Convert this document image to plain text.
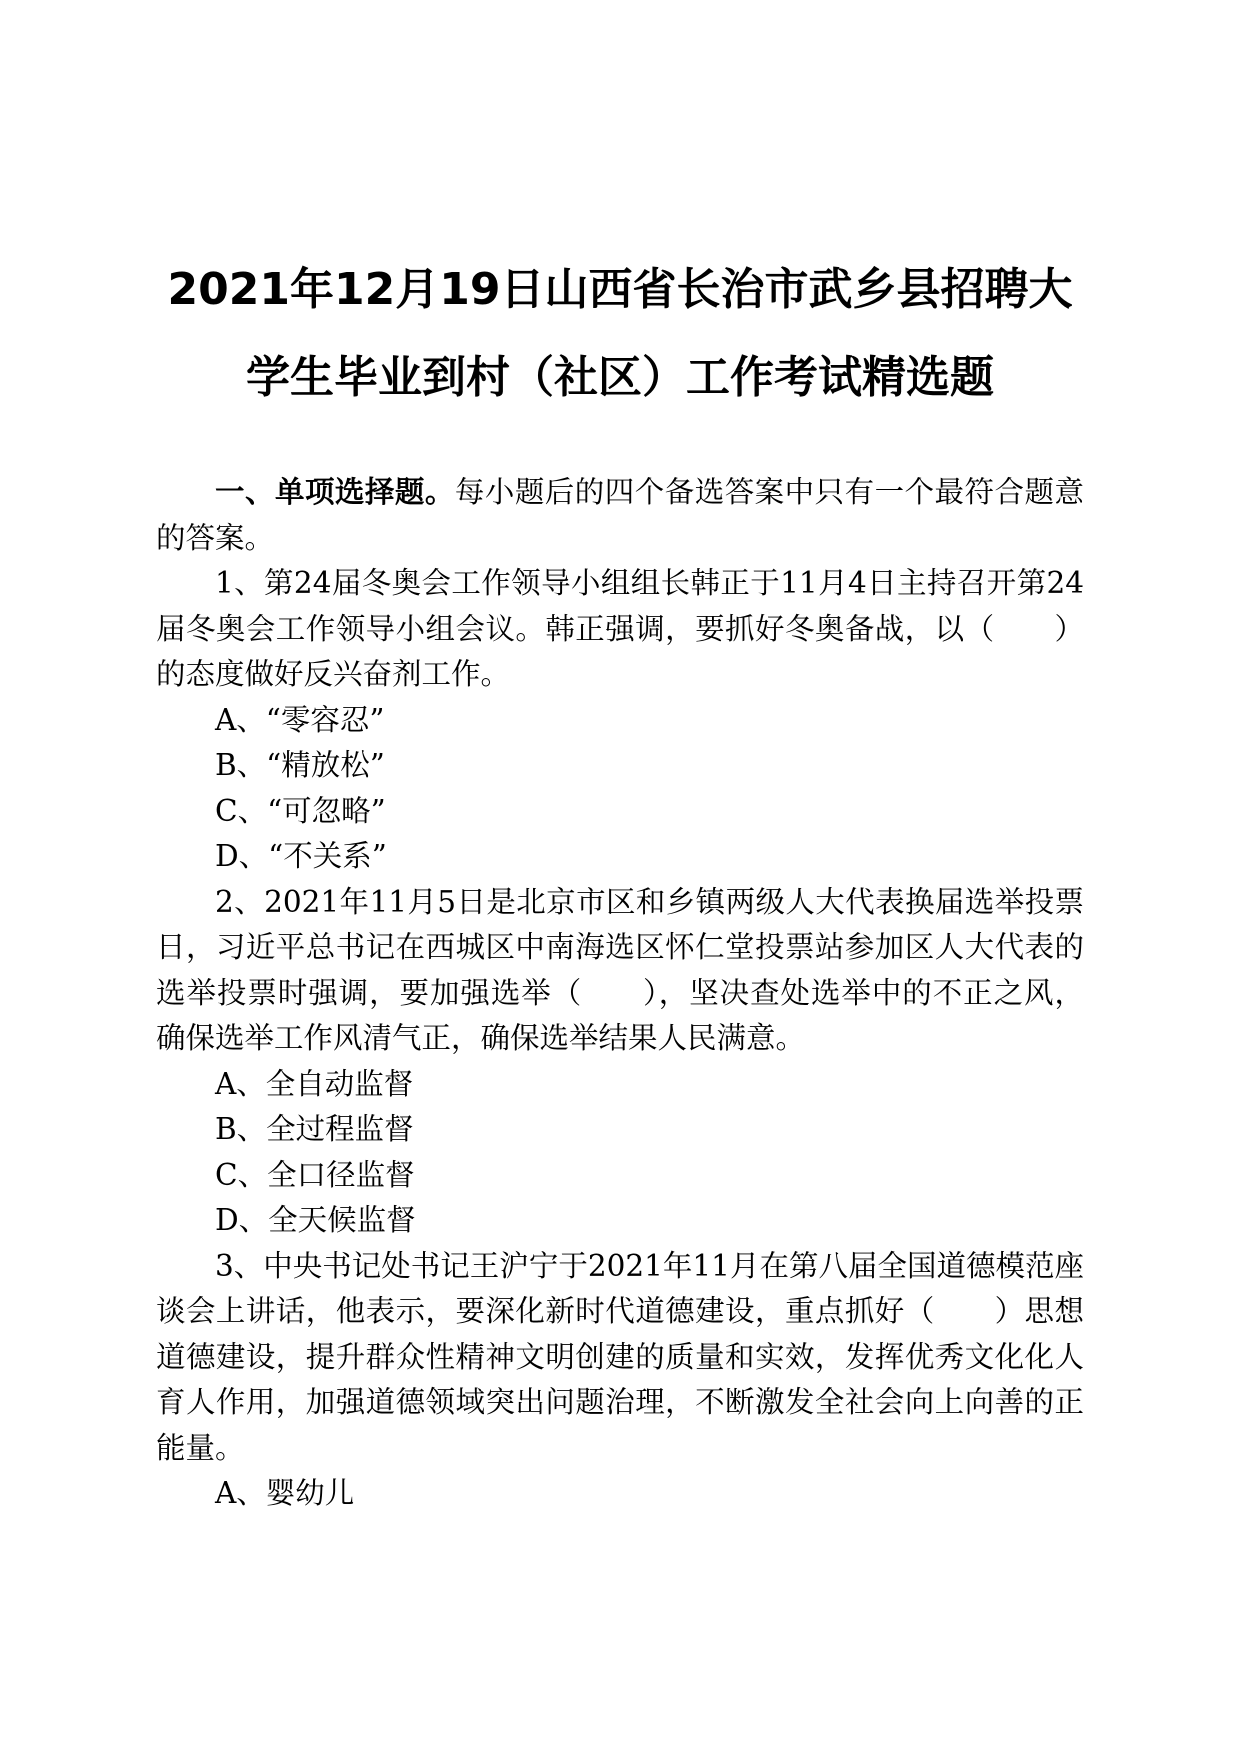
2021年12月19日山西省长治市武乡县招聘大
学生毕业到村（社区）工作考试精选题

一、单项选择题。每小题后的四个备选答案中只有一个最符合题意的答案。

1、第24届冬奥会工作领导小组组长韩正于11月4日主持召开第24届冬奥会工作领导小组会议。韩正强调，要抓好冬奥备战，以（　　）的态度做好反兴奋剂工作。

A、“零容忍”

B、“精放松”

C、“可忽略”

D、“不关系”

2、2021年11月5日是北京市区和乡镇两级人大代表换届选举投票日，习近平总书记在西城区中南海选区怀仁堂投票站参加区人大代表的选举投票时强调，要加强选举（　　），坚决查处选举中的不正之风，确保选举工作风清气正，确保选举结果人民满意。

A、全自动监督

B、全过程监督

C、全口径监督

D、全天候监督

3、中央书记处书记王沪宁于2021年11月在第八届全国道德模范座谈会上讲话，他表示，要深化新时代道德建设，重点抓好（　　）思想道德建设，提升群众性精神文明创建的质量和实效，发挥优秀文化化人育人作用，加强道德领域突出问题治理，不断激发全社会向上向善的正能量。

A、婴幼儿
